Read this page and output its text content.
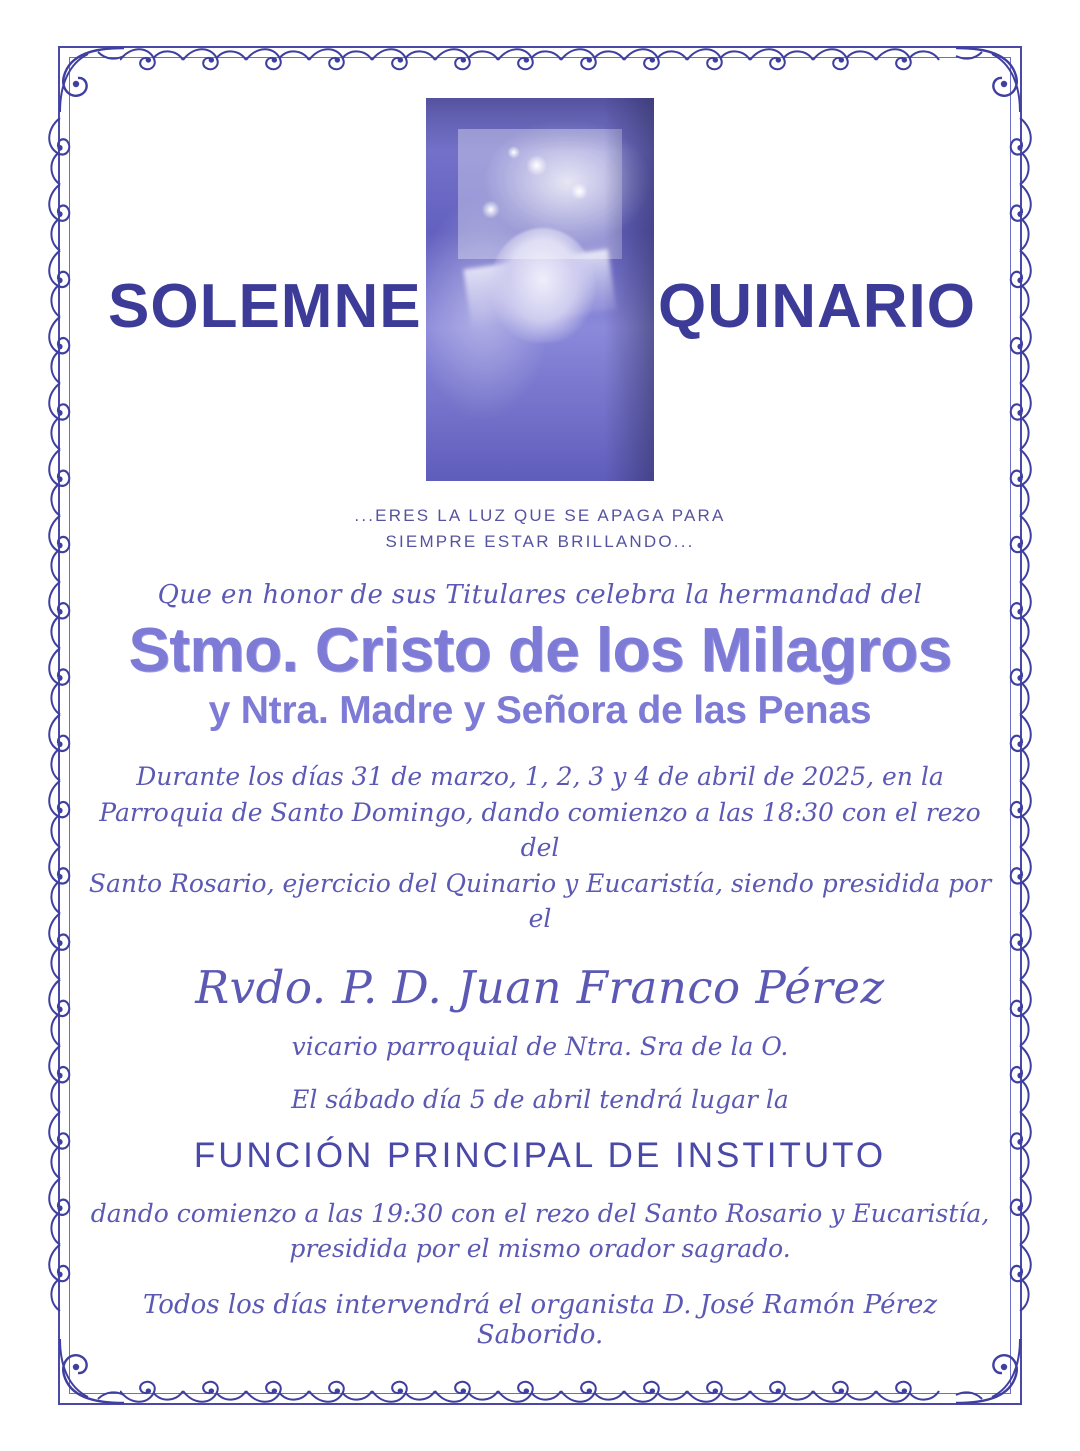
SOLEMNE	QUINARIO
...ERES LA LUZ QUE SE APAGA PARA
SIEMPRE ESTAR BRILLANDO...
Que en honor de sus Titulares celebra la hermandad del
Stmo. Cristo de los Milagros
y Ntra. Madre y Señora de las Penas
Durante los días 31 de marzo, 1, 2, 3 y 4 de abril de 2025, en la
Parroquia de Santo Domingo, dando comienzo a las 18:30 con el rezo del
Santo Rosario, ejercicio del Quinario y Eucaristía, siendo presidida por el
Rvdo. P. D. Juan Franco Pérez
vicario parroquial de Ntra. Sra de la O.
El sábado día 5 de abril tendrá lugar la
FUNCIÓN PRINCIPAL DE INSTITUTO
dando comienzo a las 19:30 con el rezo del Santo Rosario y Eucaristía,
presidida por el mismo orador sagrado.
Todos los días intervendrá el organista D. José Ramón Pérez Saborido.
